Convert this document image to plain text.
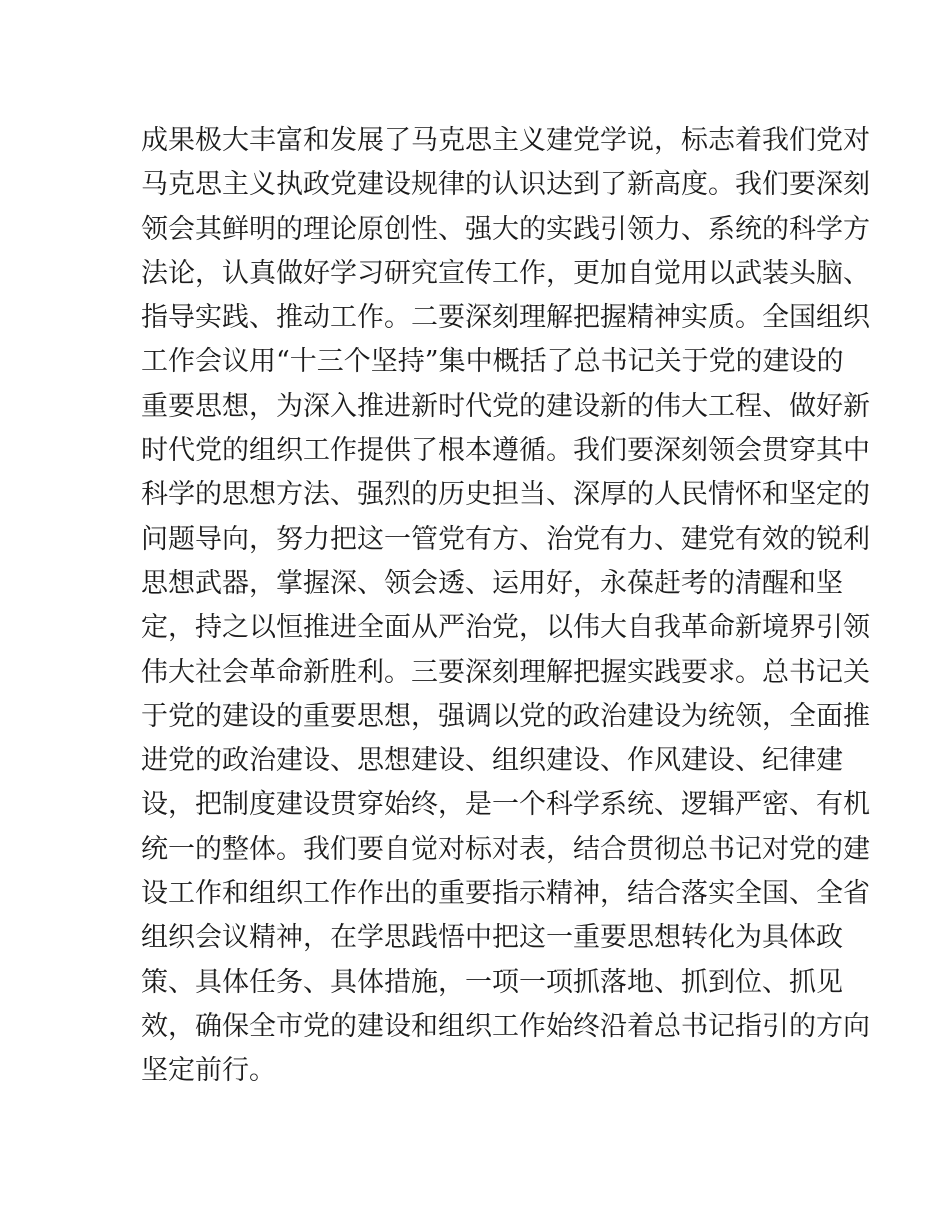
成果极大丰富和发展了马克思主义建党学说，标志着我们党对
马克思主义执政党建设规律的认识达到了新高度。我们要深刻
领会其鲜明的理论原创性、强大的实践引领力、系统的科学方
法论，认真做好学习研究宣传工作，更加自觉用以武装头脑、
指导实践、推动工作。二要深刻理解把握精神实质。全国组织
工作会议用“十三个坚持”集中概括了总书记关于党的建设的
重要思想，为深入推进新时代党的建设新的伟大工程、做好新
时代党的组织工作提供了根本遵循。我们要深刻领会贯穿其中
科学的思想方法、强烈的历史担当、深厚的人民情怀和坚定的
问题导向，努力把这一管党有方、治党有力、建党有效的锐利
思想武器，掌握深、领会透、运用好，永葆赶考的清醒和坚
定，持之以恒推进全面从严治党，以伟大自我革命新境界引领
伟大社会革命新胜利。三要深刻理解把握实践要求。总书记关
于党的建设的重要思想，强调以党的政治建设为统领，全面推
进党的政治建设、思想建设、组织建设、作风建设、纪律建
设，把制度建设贯穿始终，是一个科学系统、逻辑严密、有机
统一的整体。我们要自觉对标对表，结合贯彻总书记对党的建
设工作和组织工作作出的重要指示精神，结合落实全国、全省
组织会议精神，在学思践悟中把这一重要思想转化为具体政
策、具体任务、具体措施，一项一项抓落地、抓到位、抓见
效，确保全市党的建设和组织工作始终沿着总书记指引的方向
坚定前行。
